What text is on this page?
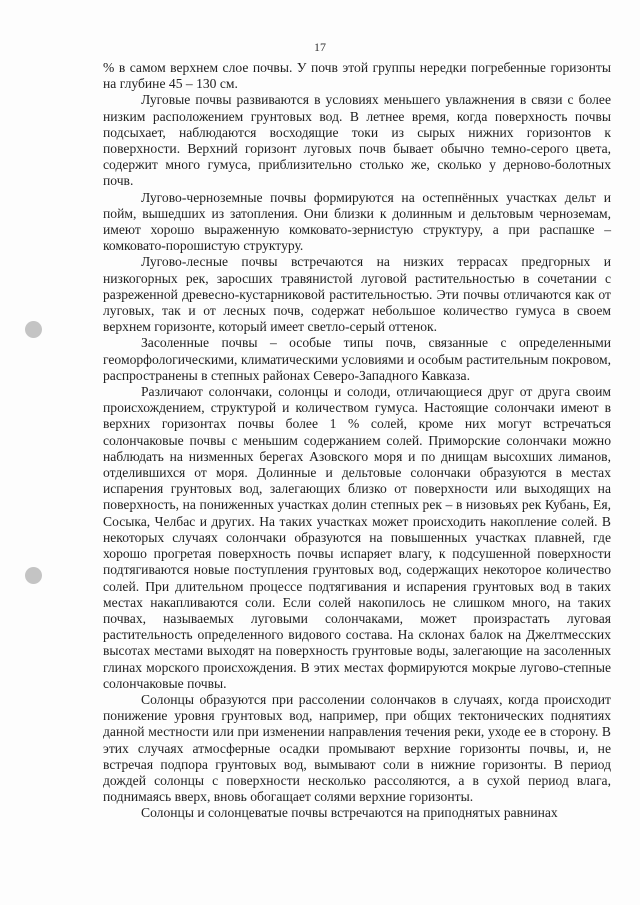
17

% в самом верхнем слое почвы. У почв этой группы нередки погребенные горизонты на глубине 45 – 130 см.

Луговые почвы развиваются в условиях меньшего увлажнения в связи с более низким расположением грунтовых вод. В летнее время, когда поверхность почвы подсыхает, наблюдаются восходящие токи из сырых нижних горизонтов к поверхности. Верхний горизонт луговых почв бывает обычно темно-серого цвета, содержит много гумуса, приблизительно столько же, сколько у дерново-болотных почв.

Лугово-черноземные почвы формируются на остепнённых участках дельт и пойм, вышедших из затопления. Они близки к долинным и дельтовым черноземам, имеют хорошо выраженную комковато-зернистую структуру, а при распашке – комковато-порошистую структуру.

Лугово-лесные почвы встречаются на низких террасах предгорных и низкогорных рек, заросших травянистой луговой растительностью в сочетании с разреженной древесно-кустарниковой растительностью. Эти почвы отличаются как от луговых, так и от лесных почв, содержат небольшое количество гумуса в своем верхнем горизонте, который имеет светло-серый оттенок.

Засоленные почвы – особые типы почв, связанные с определенными геоморфологическими, климатическими условиями и особым растительным покровом, распространены в степных районах Северо-Западного Кавказа.

Различают солончаки, солонцы и солоди, отличающиеся друг от друга своим происхождением, структурой и количеством гумуса. Настоящие солончаки имеют в верхних горизонтах почвы более 1 % солей, кроме них могут встречаться солончаковые почвы с меньшим содержанием солей. Приморские солончаки можно наблюдать на низменных берегах Азовского моря и по днищам высохших лиманов, отделившихся от моря. Долинные и дельтовые солончаки образуются в местах испарения грунтовых вод, залегающих близко от поверхности или выходящих на поверхность, на пониженных участках долин степных рек – в низовьях рек Кубань, Ея, Сосыка, Челбас и других. На таких участках может происходить накопление солей. В некоторых случаях солончаки образуются на повышенных участках плавней, где хорошо прогретая поверхность почвы испаряет влагу, к подсушенной поверхности подтягиваются новые поступления грунтовых вод, содержащих некоторое количество солей. При длительном процессе подтягивания и испарения грунтовых вод в таких местах накапливаются соли. Если солей накопилось не слишком много, на таких почвах, называемых луговыми солончаками, может произрастать луговая растительность определенного видового состава. На склонах балок на Джелтмесских высотах местами выходят на поверхность грунтовые воды, залегающие на засоленных глинах морского происхождения. В этих местах формируются мокрые лугово-степные солончаковые почвы.

Солонцы образуются при рассолении солончаков в случаях, когда происходит понижение уровня грунтовых вод, например, при общих тектонических поднятиях данной местности или при изменении направления течения реки, уходе ее в сторону. В этих случаях атмосферные осадки промывают верхние горизонты почвы, и, не встречая подпора грунтовых вод, вымывают соли в нижние горизонты. В период дождей солонцы с поверхности несколько рассоляются, а в сухой период влага, поднимаясь вверх, вновь обогащает солями верхние горизонты.

Солонцы и солонцеватые почвы встречаются на приподнятых равнинах
